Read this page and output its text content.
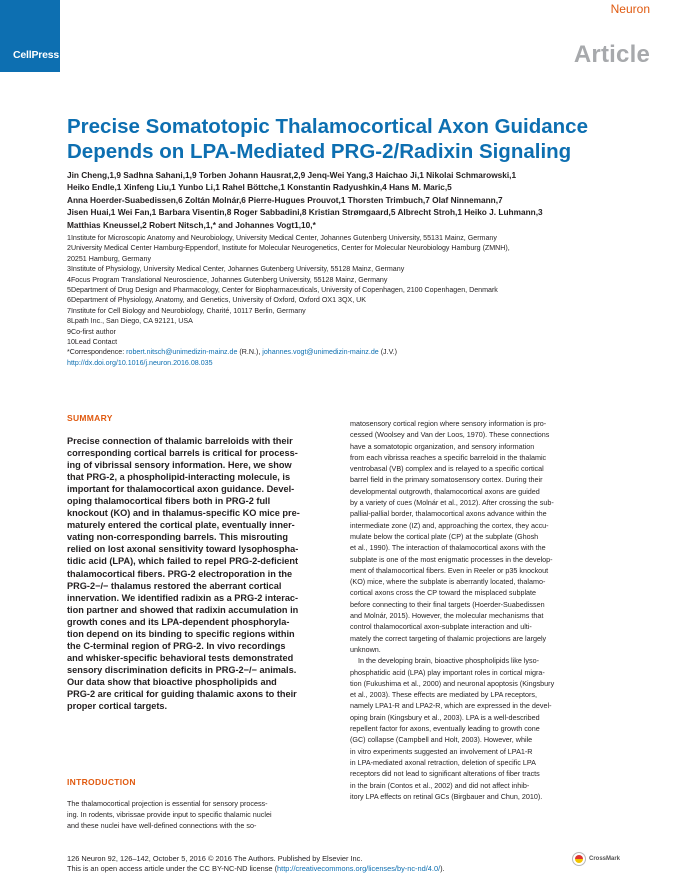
CellPress
Neuron
Article
Precise Somatotopic Thalamocortical Axon Guidance
Depends on LPA-Mediated PRG-2/Radixin Signaling
Jin Cheng,1,9 Sadhna Sahani,1,9 Torben Johann Hausrat,2,9 Jenq-Wei Yang,3 Haichao Ji,1 Nikolai Schmarowski,1
Heiko Endle,1 Xinfeng Liu,1 Yunbo Li,1 Rahel Böttche,1 Konstantin Radyushkin,4 Hans M. Maric,5
Anna Hoerder-Suabedissen,6 Zoltán Molnár,6 Pierre-Hugues Prouvot,1 Thorsten Trimbuch,7 Olaf Ninnemann,7
Jisen Huai,1 Wei Fan,1 Barbara Visentin,8 Roger Sabbadini,8 Kristian Strømgaard,5 Albrecht Stroh,1 Heiko J. Luhmann,3
Matthias Kneussel,2 Robert Nitsch,1,* and Johannes Vogt1,10,*
1Institute for Microscopic Anatomy and Neurobiology, University Medical Center, Johannes Gutenberg University, 55131 Mainz, Germany
2University Medical Center Hamburg-Eppendorf, Institute for Molecular Neurogenetics, Center for Molecular Neurobiology Hamburg (ZMNH),
20251 Hamburg, Germany
3Institute of Physiology, University Medical Center, Johannes Gutenberg University, 55128 Mainz, Germany
4Focus Program Translational Neuroscience, Johannes Gutenberg University, 55128 Mainz, Germany
5Department of Drug Design and Pharmacology, Center for Biopharmaceuticals, University of Copenhagen, 2100 Copenhagen, Denmark
6Department of Physiology, Anatomy, and Genetics, University of Oxford, Oxford OX1 3QX, UK
7Institute for Cell Biology and Neurobiology, Charité, 10117 Berlin, Germany
8Lpath Inc., San Diego, CA 92121, USA
9Co-first author
10Lead Contact
*Correspondence: robert.nitsch@unimedizin-mainz.de (R.N.), johannes.vogt@unimedizin-mainz.de (J.V.)
http://dx.doi.org/10.1016/j.neuron.2016.08.035
SUMMARY
Precise connection of thalamic barreloids with their
corresponding cortical barrels is critical for process-
ing of vibrissal sensory information. Here, we show
that PRG-2, a phospholipid-interacting molecule, is
important for thalamocortical axon guidance. Devel-
oping thalamocortical fibers both in PRG-2 full
knockout (KO) and in thalamus-specific KO mice pre-
maturely entered the cortical plate, eventually inner-
vating non-corresponding barrels. This misrouting
relied on lost axonal sensitivity toward lysophospha-
tidic acid (LPA), which failed to repel PRG-2-deficient
thalamocortical fibers. PRG-2 electroporation in the
PRG-2−/− thalamus restored the aberrant cortical
innervation. We identified radixin as a PRG-2 interac-
tion partner and showed that radixin accumulation in
growth cones and its LPA-dependent phosphoryla-
tion depend on its binding to specific regions within
the C-terminal region of PRG-2. In vivo recordings
and whisker-specific behavioral tests demonstrated
sensory discrimination deficits in PRG-2−/− animals.
Our data show that bioactive phospholipids and
PRG-2 are critical for guiding thalamic axons to their
proper cortical targets.
INTRODUCTION
The thalamocortical projection is essential for sensory process-
ing. In rodents, vibrissae provide input to specific thalamic nuclei
and these nuclei have well-defined connections with the so-
matosensory cortical region where sensory information is pro-
cessed (Woolsey and Van der Loos, 1970). These connections
have a somatotopic organization, and sensory information
from each vibrissa reaches a specific barreloid in the thalamic
ventrobasal (VB) complex and is relayed to a specific cortical
barrel field in the primary somatosensory cortex. During their
developmental outgrowth, thalamocortical axons are guided
by a variety of cues (Molnár et al., 2012). After crossing the sub-
pallial-pallial border, thalamocortical axons advance within the
intermediate zone (IZ) and, approaching the cortex, they accu-
mulate below the cortical plate (CP) at the subplate (Ghosh
et al., 1990). The interaction of thalamocortical axons with the
subplate is one of the most enigmatic processes in the develop-
ment of thalamocortical fibers. Even in Reeler or p35 knockout
(KO) mice, where the subplate is aberrantly located, thalamo-
cortical axons cross the CP toward the misplaced subplate
before connecting to their final targets (Hoerder-Suabedissen
and Molnár, 2015). However, the molecular mechanisms that
control thalamocortical axon-subplate interaction and ulti-
mately the correct targeting of thalamic projections are largely
unknown.
In the developing brain, bioactive phospholipids like lyso-
phosphatidic acid (LPA) play important roles in cortical migra-
tion (Fukushima et al., 2000) and neuronal apoptosis (Kingsbury
et al., 2003). These effects are mediated by LPA receptors,
namely LPA1-R and LPA2-R, which are expressed in the devel-
oping brain (Kingsbury et al., 2003). LPA is a well-described
repellent factor for axons, eventually leading to growth cone
(GC) collapse (Campbell and Holt, 2003). However, while
in vitro experiments suggested an involvement of LPA1-R
in LPA-mediated axonal retraction, deletion of specific LPA
receptors did not lead to significant alterations of fiber tracts
in the brain (Contos et al., 2002) and did not affect inhib-
itory LPA effects on retinal GCs (Birgbauer and Chun, 2010).
126 Neuron 92, 126–142, October 5, 2016 © 2016 The Authors. Published by Elsevier Inc.
This is an open access article under the CC BY-NC-ND license (http://creativecommons.org/licenses/by-nc-nd/4.0/).
CrossMark
